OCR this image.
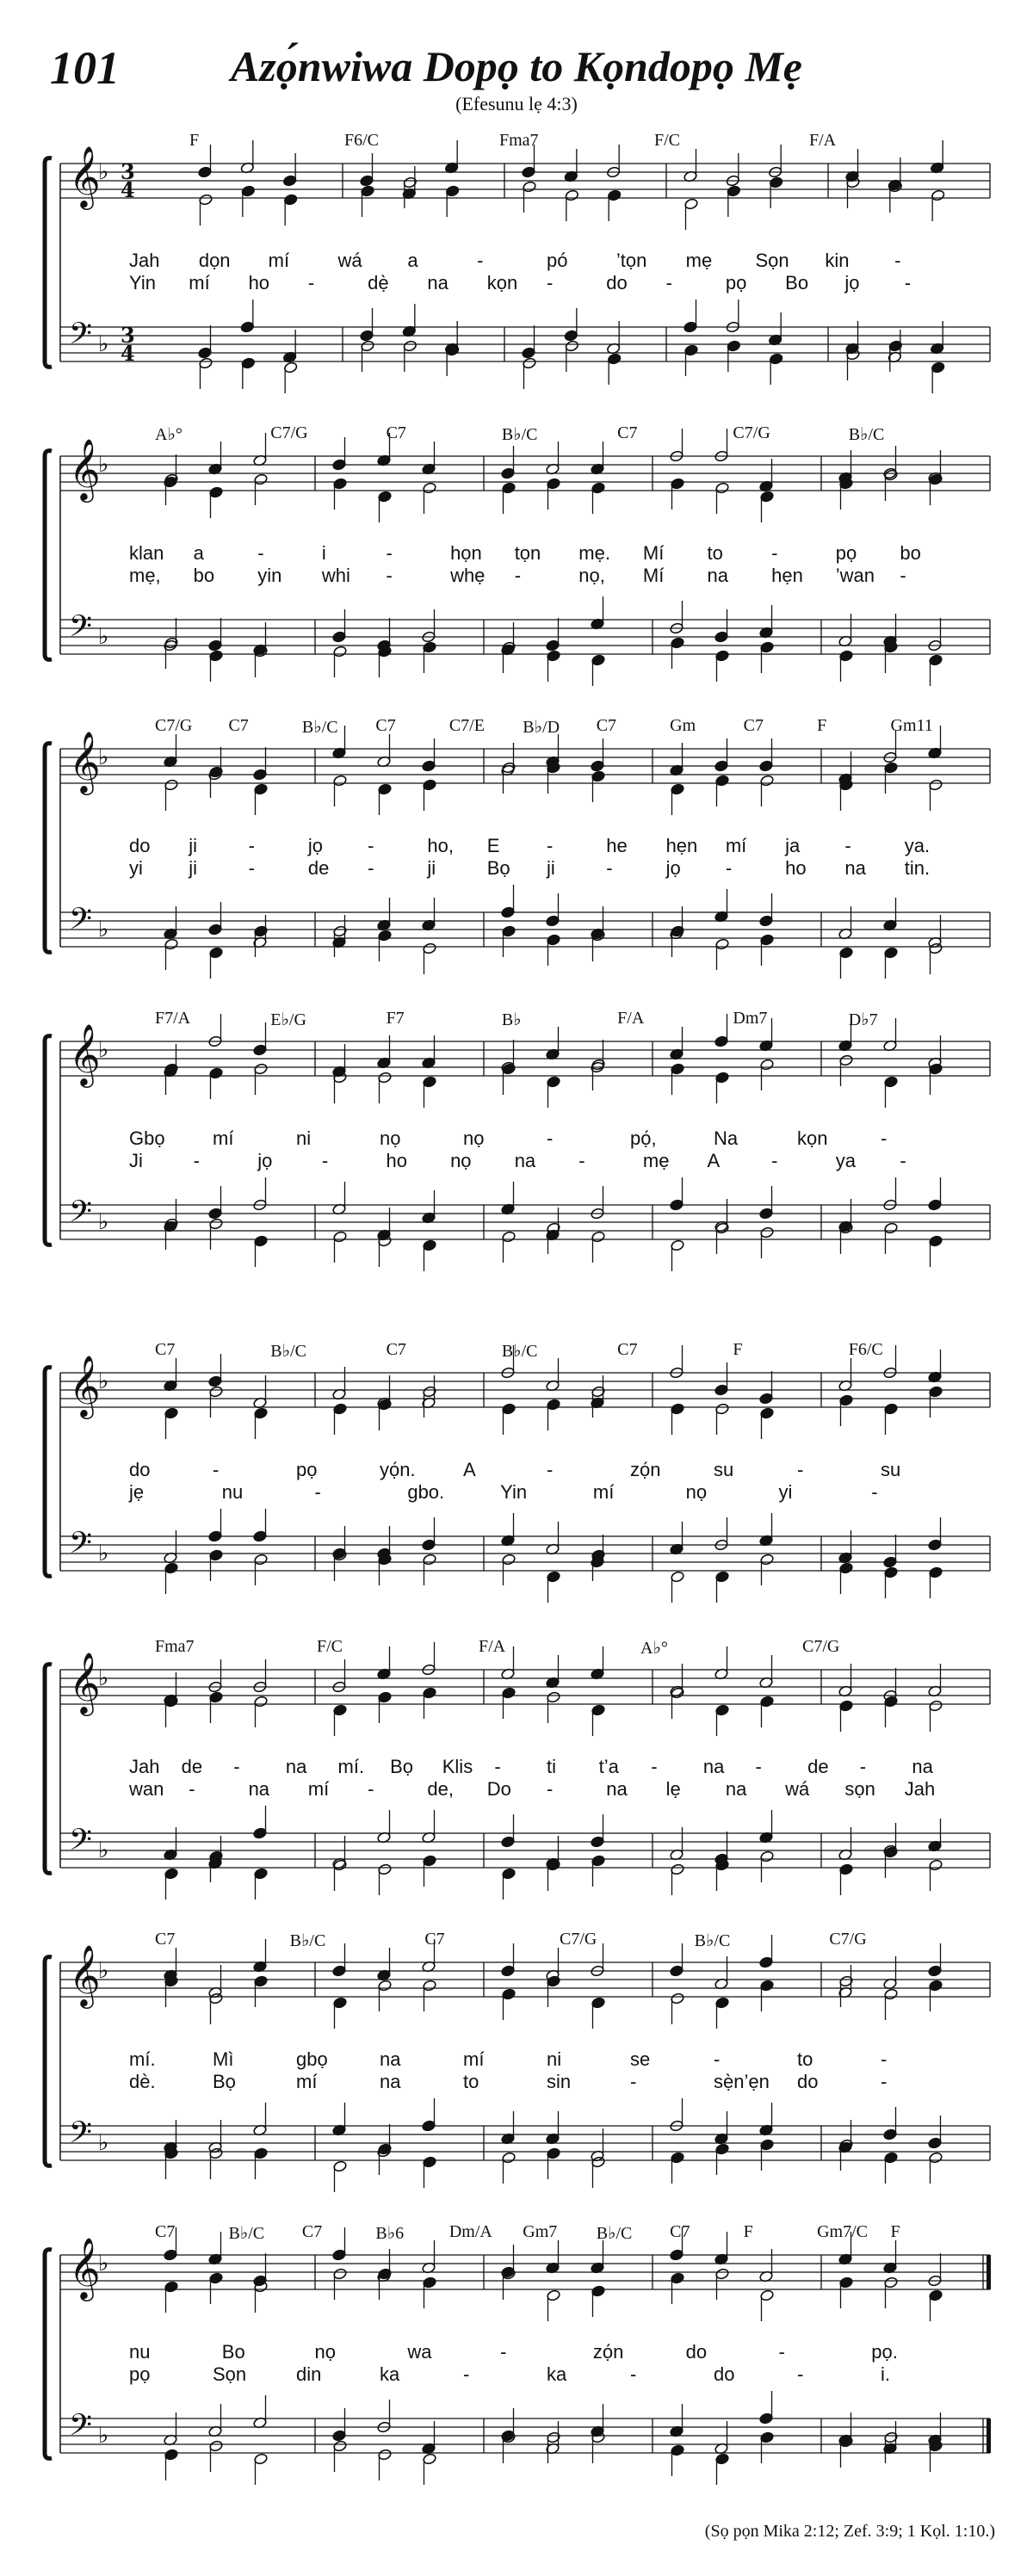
101	Azọ́nwiwa Dopọ to Kọndopọ Mẹ
(Efesunu lẹ 4:3)
𝄞
𝄢
♭
♭
3
4
3
4
F	F6/C	Fma7	F/C	F/A
Jah dọn mí	wá a	-	pó	’tọn mẹ Sọn kin -
Yin mí ho -	dẹ̀ na kọn -	do -	pọ Bo jọ -
𝄞
𝄢
♭
♭
A♭°	C7/G	C7	B♭/C	C7	C7/G	B♭/C
klan a	-	i	-	họn tọn mẹ. Mí to	-	pọ bo
mẹ, bo yin whi -	whẹ -	nọ, Mí na hẹn ’wan -
𝄞
𝄢
♭
♭
C7/G C7	B♭/C C7	C7/E B♭/D C7	Gm	C7	F	Gm11
do ji	-	jọ -	ho, E -	he hẹn mí ja -	ya.
yi ji	-	de -	ji	Bọ ji	-	jọ -	ho na tin.
𝄞
𝄢
♭
♭
F7/A	E♭/G	F7	B♭	F/A	Dm7	D♭7
Gbọ	mí	ni	nọ	nọ	-	pọ́,	Na	kọn	-
Ji	-	jọ	-	ho nọ na -	mẹ A	-	ya -
𝄞
𝄢
♭
♭
C7	B♭/C	C7	B♭/C	C7	F	F6/C
do	-	pọ	yọ́n.	A	-	zọ́n	su	-	su
jẹ	nu	-	gbo.	Yin	mí	nọ	yi	-
𝄞
𝄢
♭
♭
Fma7	F/C	F/A	A♭°	C7/G
Jah de - na mí. Bọ Klis - ti t’a - na - de - na
wan -	na mí -	de, Do -	na lẹ na wá sọn Jah
𝄞
𝄢
♭
♭
C7	B♭/C	C7	C7/G	B♭/C	C7/G
mí.	Mì	gbọ	na	mí	ni	se	-	to	-
dè.	Bọ	mí	na	to	sin	-	sẹ̀n’ẹn do	-
𝄞
𝄢
♭
♭
C7	B♭/C C7	B♭6	Dm/A Gm7 B♭/C C7	F	Gm7/C F
nu	Bo	nọ	wa	-	zọ́n	do	-	pọ.
pọ	Sọn	din	ka	-	ka	-	do	-	i.
(Sọ pọn Mika 2:12; Zef. 3:9; 1 Kọl. 1:10.)
